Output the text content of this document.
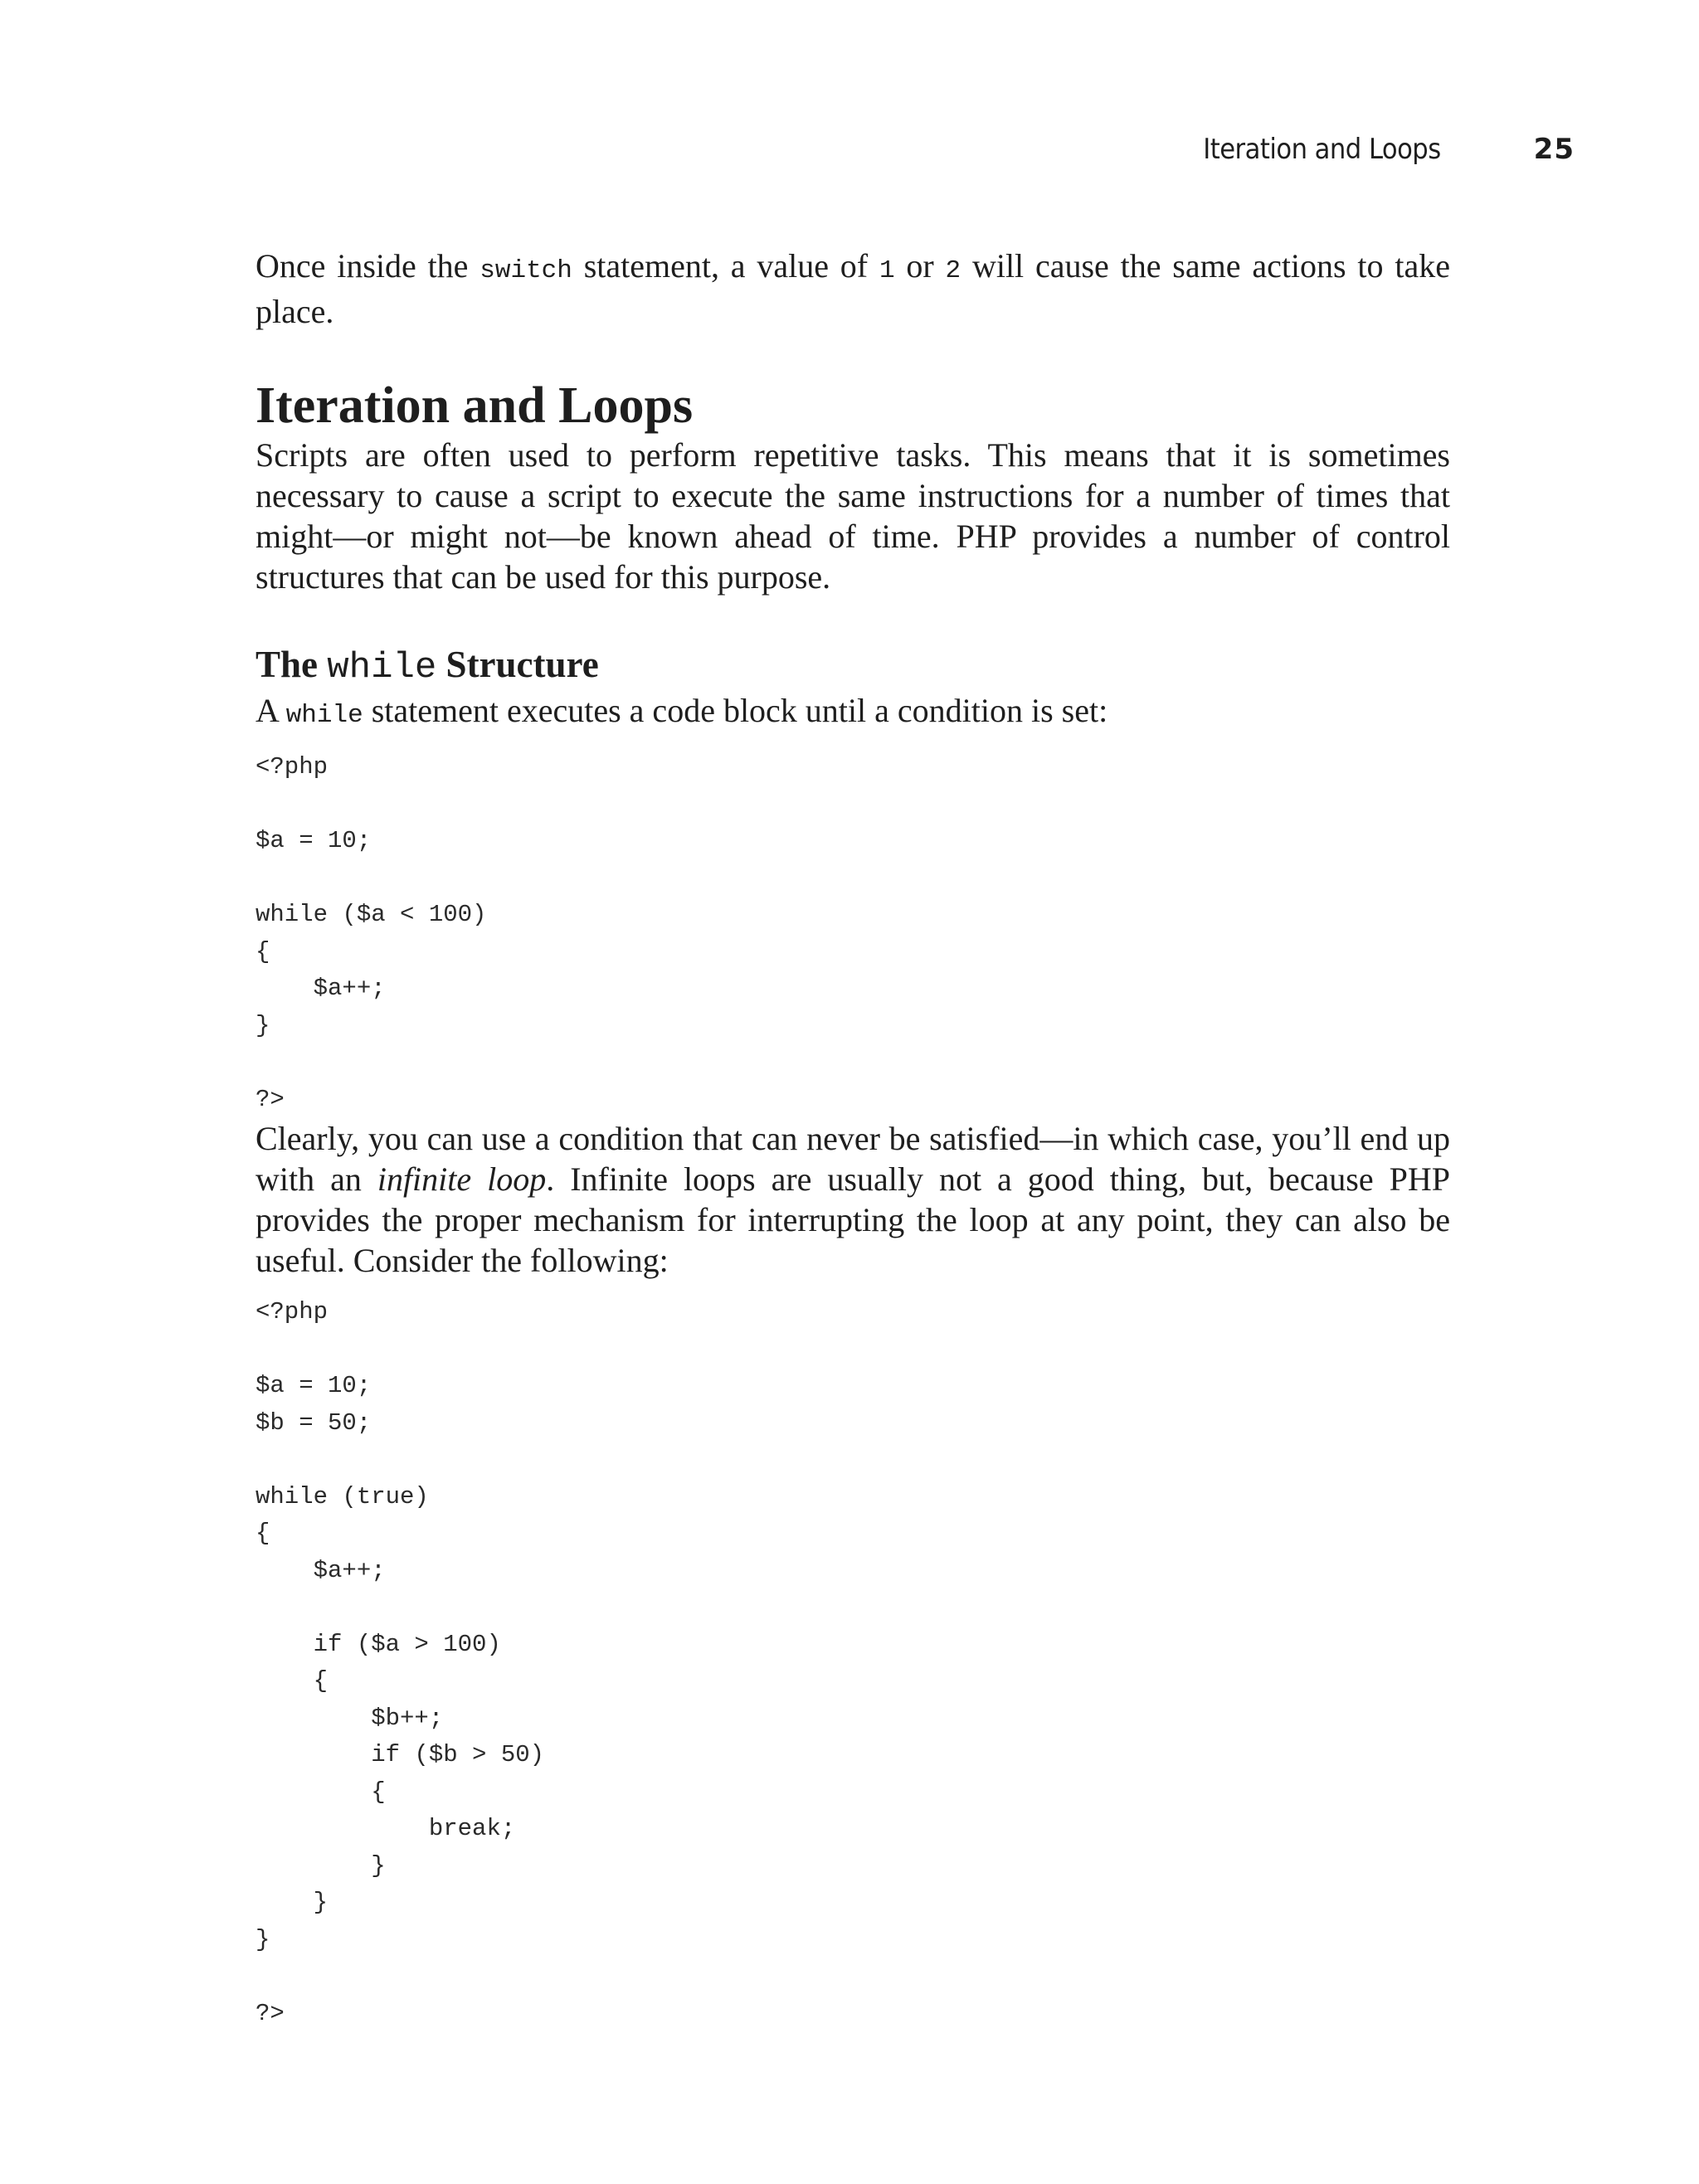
Iteration and Loops	25

Once inside the switch statement, a value of 1 or 2 will cause the same actions to take place.

Iteration and Loops

Scripts are often used to perform repetitive tasks. This means that it is sometimes necessary to cause a script to execute the same instructions for a number of times that might—or might not—be known ahead of time. PHP provides a number of control structures that can be used for this purpose.

The while Structure

A while statement executes a code block until a condition is set:

<?php

$a = 10;

while ($a < 100)
{
$a++;
}

?>

Clearly, you can use a condition that can never be satisfied—in which case, you’ll end up with an infinite loop. Infinite loops are usually not a good thing, but, because PHP provides the proper mechanism for interrupting the loop at any point, they can also be useful. Consider the following:

<?php

$a = 10;
$b = 50;

while (true)
{
$a++;

if ($a > 100)
{
$b++;
if ($b > 50)
{
break;
}
}
}

?>
